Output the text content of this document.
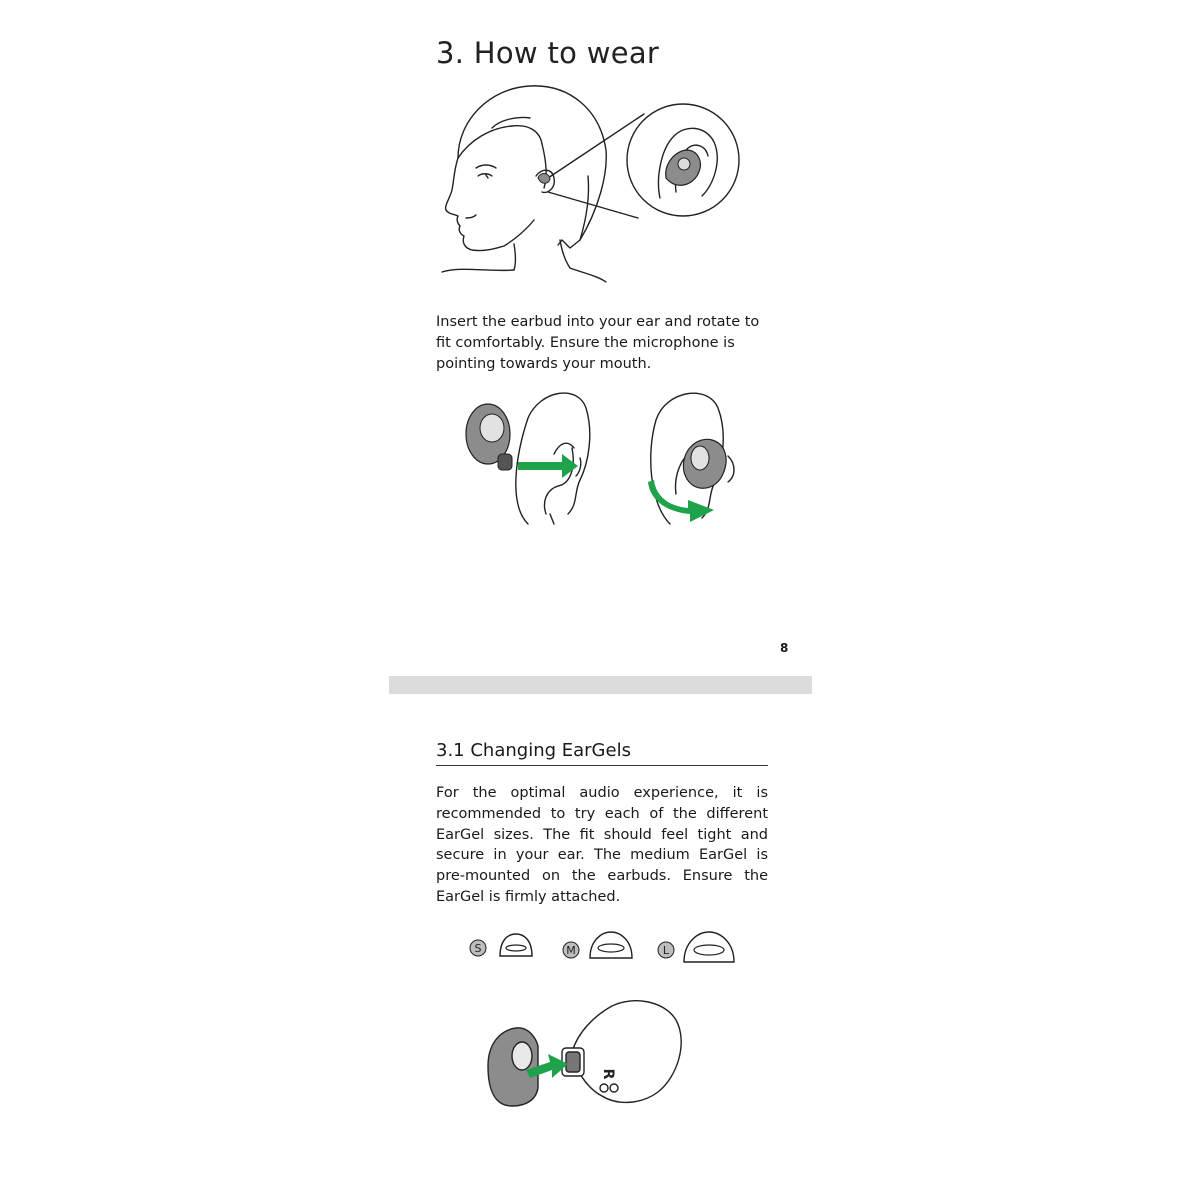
3. How to wear

Insert the earbud into your ear and rotate to fit comfortably. Ensure the microphone is pointing towards your mouth.

8
3.1 Changing EarGels

For the optimal audio experience, it is recommended to try each of the different EarGel sizes. The fit should feel tight and secure in your ear. The medium EarGel is pre-mounted on the earbuds. Ensure the EarGel is firmly attached.

S	M	L
R
